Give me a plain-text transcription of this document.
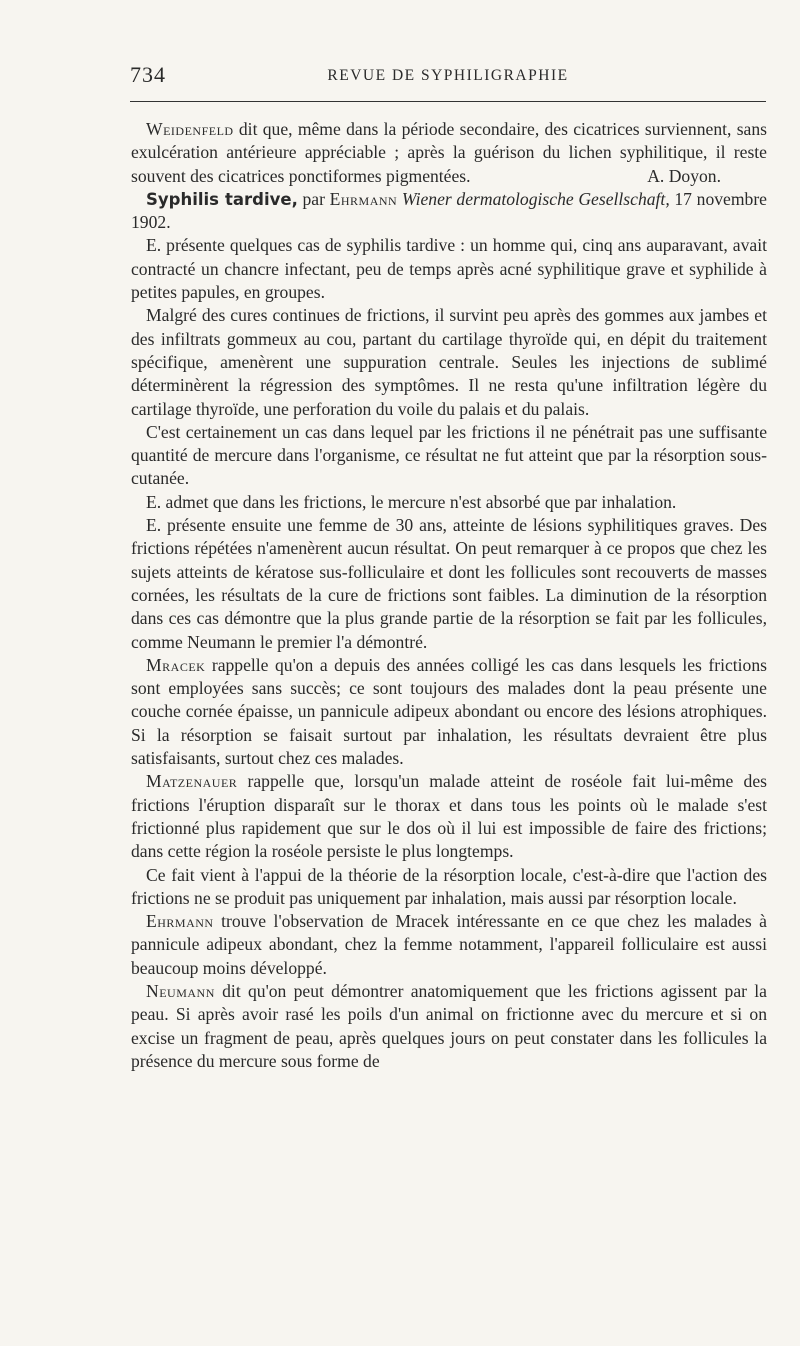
734	REVUE DE SYPHILIGRAPHIE

Weidenfeld dit que, même dans la période secondaire, des cicatrices surviennent, sans exulcération antérieure appréciable ; après la guérison du lichen syphilitique, il reste souvent des cicatrices ponctiformes pigmentées.	A. Doyon.

Syphilis tardive, par Ehrmann Wiener dermatologische Gesellschaft, 17 novembre 1902.

E. présente quelques cas de syphilis tardive : un homme qui, cinq ans auparavant, avait contracté un chancre infectant, peu de temps après acné syphilitique grave et syphilide à petites papules, en groupes.

Malgré des cures continues de frictions, il survint peu après des gommes aux jambes et des infiltrats gommeux au cou, partant du cartilage thyroïde qui, en dépit du traitement spécifique, amenèrent une suppuration centrale. Seules les injections de sublimé déterminèrent la régression des symptômes. Il ne resta qu'une infiltration légère du cartilage thyroïde, une perforation du voile du palais et du palais.

C'est certainement un cas dans lequel par les frictions il ne pénétrait pas une suffisante quantité de mercure dans l'organisme, ce résultat ne fut atteint que par la résorption sous-cutanée.

E. admet que dans les frictions, le mercure n'est absorbé que par inhalation.

E. présente ensuite une femme de 30 ans, atteinte de lésions syphilitiques graves. Des frictions répétées n'amenèrent aucun résultat. On peut remarquer à ce propos que chez les sujets atteints de kératose sus-folliculaire et dont les follicules sont recouverts de masses cornées, les résultats de la cure de frictions sont faibles. La diminution de la résorption dans ces cas démontre que la plus grande partie de la résorption se fait par les follicules, comme Neumann le premier l'a démontré.

Mracek rappelle qu'on a depuis des années colligé les cas dans lesquels les frictions sont employées sans succès; ce sont toujours des malades dont la peau présente une couche cornée épaisse, un pannicule adipeux abondant ou encore des lésions atrophiques. Si la résorption se faisait surtout par inhalation, les résultats devraient être plus satisfaisants, surtout chez ces malades.

Matzenauer rappelle que, lorsqu'un malade atteint de roséole fait lui-même des frictions l'éruption disparaît sur le thorax et dans tous les points où le malade s'est frictionné plus rapidement que sur le dos où il lui est impossible de faire des frictions; dans cette région la roséole persiste le plus longtemps.

Ce fait vient à l'appui de la théorie de la résorption locale, c'est-à-dire que l'action des frictions ne se produit pas uniquement par inhalation, mais aussi par résorption locale.

Ehrmann trouve l'observation de Mracek intéressante en ce que chez les malades à pannicule adipeux abondant, chez la femme notamment, l'appareil folliculaire est aussi beaucoup moins développé.

Neumann dit qu'on peut démontrer anatomiquement que les frictions agissent par la peau. Si après avoir rasé les poils d'un animal on frictionne avec du mercure et si on excise un fragment de peau, après quelques jours on peut constater dans les follicules la présence du mercure sous forme de
